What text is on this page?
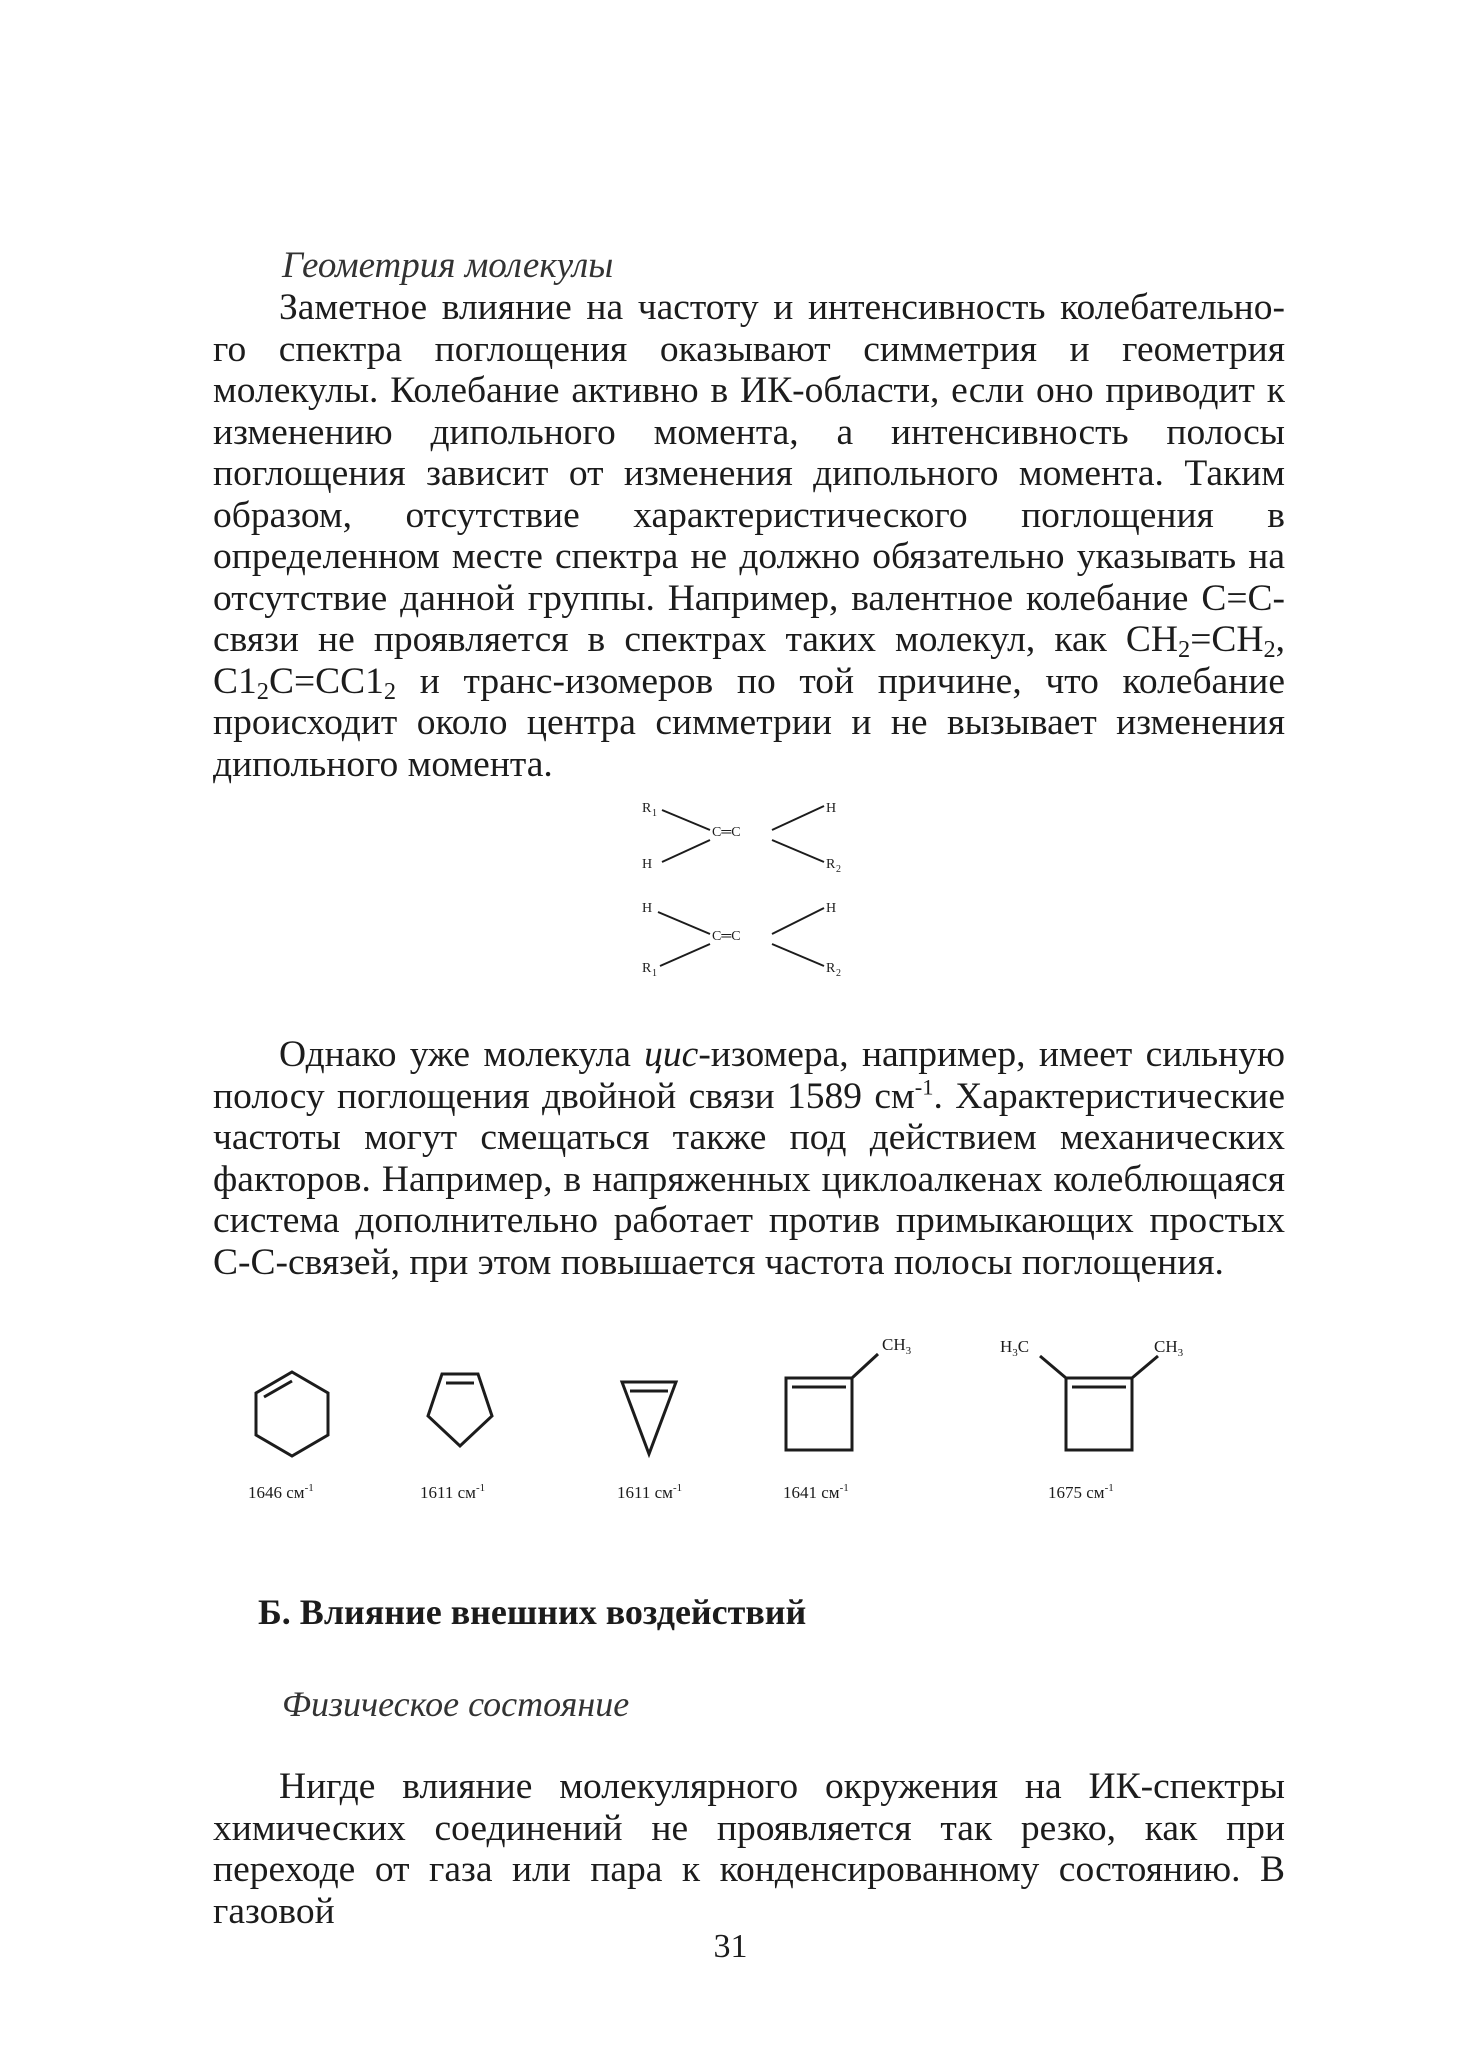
Геометрия молекулы

Заметное влияние на частоту и интенсивность колебательно-го спектра поглощения оказывают симметрия и геометрия молекулы. Колебание активно в ИК-области, если оно приводит к изменению дипольного момента, а интенсивность полосы поглощения зависит от изменения дипольного момента. Таким образом, отсутствие характеристического поглощения в определенном месте спектра не должно обязательно указывать на отсутствие данной группы. Например, валентное колебание С=С-связи не проявляется в спектрах таких молекул, как $CH_2=CH_2$, $C1_2C=CC1_2$ и транс-изомеров по той причине, что колебание происходит около центра симметрии и не вызывает изменения дипольного момента.

R 1	H
H	R 2
C═C
H	H
R 1	R 2
C═C

Однако уже молекула цис-изомера, например, имеет сильную полосу поглощения двойной связи 1589 $см^{-1}$. Характеристические частоты могут смещаться также под действием механических факторов. Например, в напряженных циклоалкенах колеблющаяся система дополнительно работает против примыкающих простых С-С-связей, при этом повышается частота полосы поглощения.

$CH_3$	$H_3C$	$CH_3$
1646 $см^{-1}$	1611 $см^{-1}$	1611 $см^{-1}$	1641 $см^{-1}$	1675 $см^{-1}$
Б. Влияние внешних воздействий
Физическое состояние

Нигде влияние молекулярного окружения на ИК-спектры химических соединений не проявляется так резко, как при переходе от газа или пара к конденсированному состоянию. В газовой

31
